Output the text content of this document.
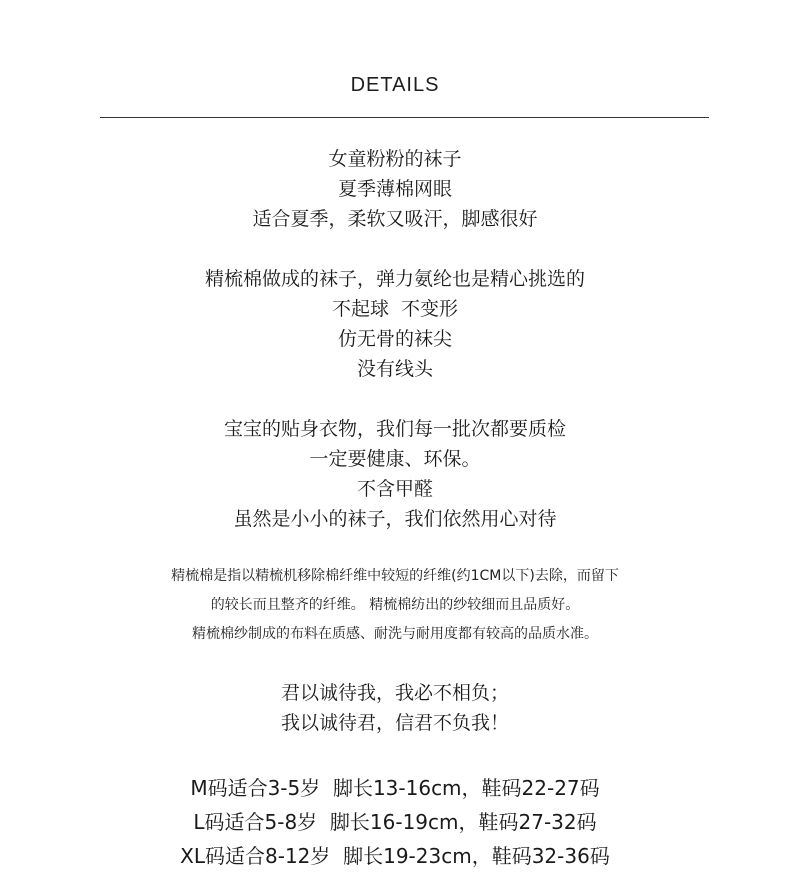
DETAILS
女童粉粉的袜子
夏季薄棉网眼
适合夏季，柔软又吸汗，脚感很好
精梳棉做成的袜子，弹力氨纶也是精心挑选的
不起球  不变形
仿无骨的袜尖
没有线头
宝宝的贴身衣物，我们每一批次都要质检
一定要健康、环保。
不含甲醛
虽然是小小的袜子，我们依然用心对待
精梳棉是指以精梳机移除棉纤维中较短的纤维(约1CM以下)去除，而留下
的较长而且整齐的纤维。 精梳棉纺出的纱较细而且品质好。
精梳棉纱制成的布料在质感、耐洗与耐用度都有较高的品质水准。
君以诚待我，我必不相负；
我以诚待君，信君不负我！
M码适合3-5岁  脚长13-16cm，鞋码22-27码
L码适合5-8岁  脚长16-19cm，鞋码27-32码
XL码适合8-12岁  脚长19-23cm，鞋码32-36码
